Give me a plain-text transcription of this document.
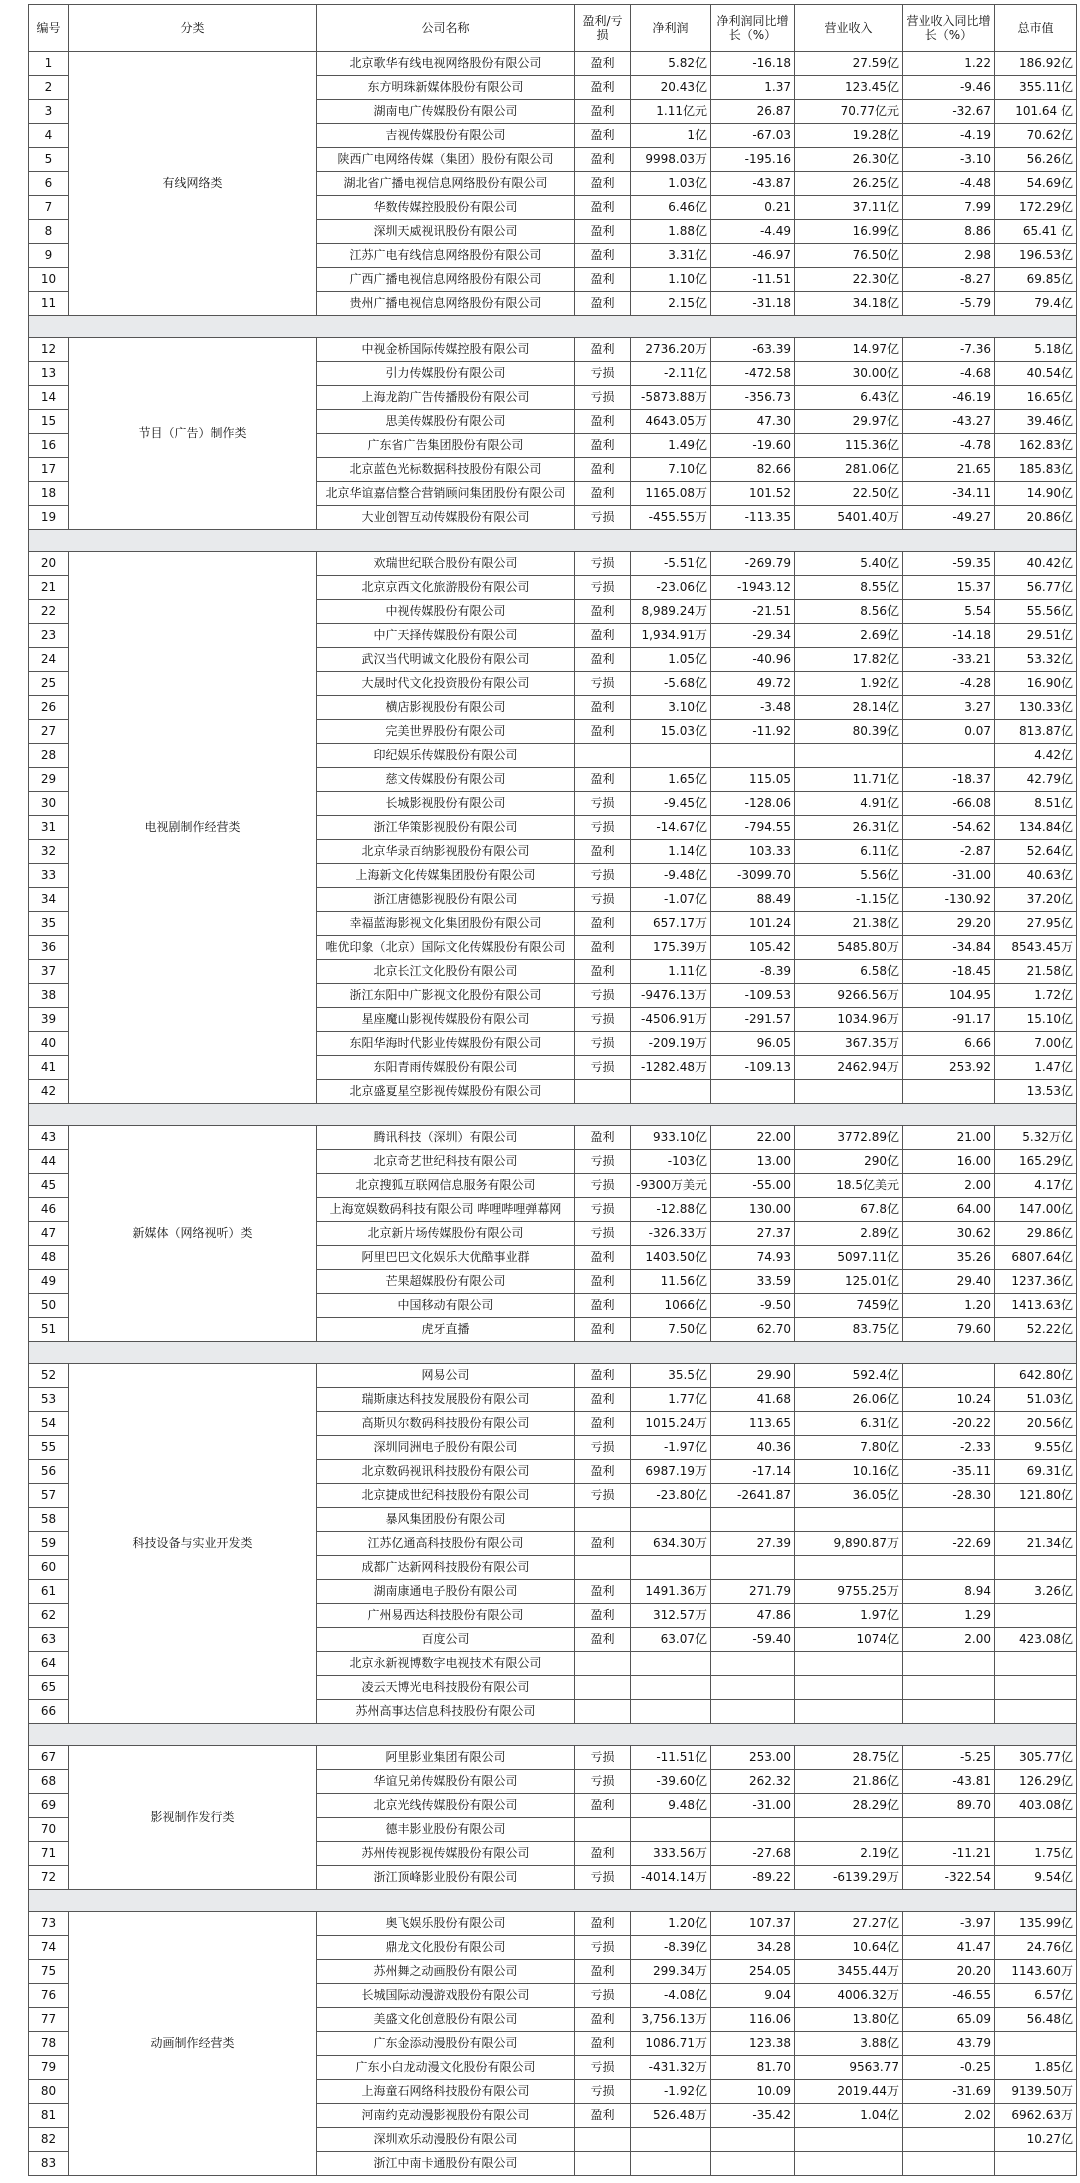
编号	分类	公司名称	盈利/亏损	净利润	净利润同比增长（%）	营业收入	营业收入同比增长（%）	总市值
1	有线网络类	北京歌华有线电视网络股份有限公司	盈利	5.82亿	-16.18	27.59亿	1.22	186.92亿
2		东方明珠新媒体股份有限公司	盈利	20.43亿	1.37	123.45亿	-9.46	355.11亿
3		湖南电广传媒股份有限公司	盈利	1.11亿元	26.87	70.77亿元	-32.67	101.64 亿
4		吉视传媒股份有限公司	盈利	1亿	-67.03	19.28亿	-4.19	70.62亿
5		陕西广电网络传媒（集团）股份有限公司	盈利	9998.03万	-195.16	26.30亿	-3.10	56.26亿
6		湖北省广播电视信息网络股份有限公司	盈利	1.03亿	-43.87	26.25亿	-4.48	54.69亿
7		华数传媒控股股份有限公司	盈利	6.46亿	0.21	37.11亿	7.99	172.29亿
8		深圳天威视讯股份有限公司	盈利	1.88亿	-4.49	16.99亿	8.86	65.41 亿
9		江苏广电有线信息网络股份有限公司	盈利	3.31亿	-46.97	76.50亿	2.98	196.53亿
10		广西广播电视信息网络股份有限公司	盈利	1.10亿	-11.51	22.30亿	-8.27	69.85亿
11		贵州广播电视信息网络股份有限公司	盈利	2.15亿	-31.18	34.18亿	-5.79	79.4亿

12	节目（广告）制作类	中视金桥国际传媒控股有限公司	盈利	2736.20万	-63.39	14.97亿	-7.36	5.18亿
13		引力传媒股份有限公司	亏损	-2.11亿	-472.58	30.00亿	-4.68	40.54亿
14		上海龙韵广告传播股份有限公司	亏损	-5873.88万	-356.73	6.43亿	-46.19	16.65亿
15		思美传媒股份有限公司	盈利	4643.05万	47.30	29.97亿	-43.27	39.46亿
16		广东省广告集团股份有限公司	盈利	1.49亿	-19.60	115.36亿	-4.78	162.83亿
17		北京蓝色光标数据科技股份有限公司	盈利	7.10亿	82.66	281.06亿	21.65	185.83亿
18		北京华谊嘉信整合营销顾问集团股份有限公司	盈利	1165.08万	101.52	22.50亿	-34.11	14.90亿
19		大业创智互动传媒股份有限公司	亏损	-455.55万	-113.35	5401.40万	-49.27	20.86亿

20	电视剧制作经营类	欢瑞世纪联合股份有限公司	亏损	-5.51亿	-269.79	5.40亿	-59.35	40.42亿
21		北京京西文化旅游股份有限公司	亏损	-23.06亿	-1943.12	8.55亿	15.37	56.77亿
22		中视传媒股份有限公司	盈利	8,989.24万	-21.51	8.56亿	5.54	55.56亿
23		中广天择传媒股份有限公司	盈利	1,934.91万	-29.34	2.69亿	-14.18	29.51亿
24		武汉当代明诚文化股份有限公司	盈利	1.05亿	-40.96	17.82亿	-33.21	53.32亿
25		大晟时代文化投资股份有限公司	亏损	-5.68亿	49.72	1.92亿	-4.28	16.90亿
26		横店影视股份有限公司	盈利	3.10亿	-3.48	28.14亿	3.27	130.33亿
27		完美世界股份有限公司	盈利	15.03亿	-11.92	80.39亿	0.07	813.87亿
28		印纪娱乐传媒股份有限公司						4.42亿
29		慈文传媒股份有限公司	盈利	1.65亿	115.05	11.71亿	-18.37	42.79亿
30		长城影视股份有限公司	亏损	-9.45亿	-128.06	4.91亿	-66.08	8.51亿
31		浙江华策影视股份有限公司	亏损	-14.67亿	-794.55	26.31亿	-54.62	134.84亿
32		北京华录百纳影视股份有限公司	盈利	1.14亿	103.33	6.11亿	-2.87	52.64亿
33		上海新文化传媒集团股份有限公司	亏损	-9.48亿	-3099.70	5.56亿	-31.00	40.63亿
34		浙江唐德影视股份有限公司	亏损	-1.07亿	88.49	-1.15亿	-130.92	37.20亿
35		幸福蓝海影视文化集团股份有限公司	盈利	657.17万	101.24	21.38亿	29.20	27.95亿
36		唯优印象（北京）国际文化传媒股份有限公司	盈利	175.39万	105.42	5485.80万	-34.84	8543.45万
37		北京长江文化股份有限公司	盈利	1.11亿	-8.39	6.58亿	-18.45	21.58亿
38		浙江东阳中广影视文化股份有限公司	亏损	-9476.13万	-109.53	9266.56万	104.95	1.72亿
39		星座魔山影视传媒股份有限公司	亏损	-4506.91万	-291.57	1034.96万	-91.17	15.10亿
40		东阳华海时代影业传媒股份有限公司	亏损	-209.19万	96.05	367.35万	6.66	7.00亿
41		东阳青雨传媒股份有限公司	亏损	-1282.48万	-109.13	2462.94万	253.92	1.47亿
42		北京盛夏星空影视传媒股份有限公司						13.53亿

43	新媒体（网络视听）类	腾讯科技（深圳）有限公司	盈利	933.10亿	22.00	3772.89亿	21.00	5.32万亿
44		北京奇艺世纪科技有限公司	亏损	-103亿	13.00	290亿	16.00	165.29亿
45		北京搜狐互联网信息服务有限公司	亏损	-9300万美元	-55.00	18.5亿美元	2.00	4.17亿
46		上海宽娱数码科技有限公司 哔哩哔哩弹幕网	亏损	-12.88亿	130.00	67.8亿	64.00	147.00亿
47		北京新片场传媒股份有限公司	亏损	-326.33万	27.37	2.89亿	30.62	29.86亿
48		阿里巴巴文化娱乐大优酷事业群	盈利	1403.50亿	74.93	5097.11亿	35.26	6807.64亿
49		芒果超媒股份有限公司	盈利	11.56亿	33.59	125.01亿	29.40	1237.36亿
50		中国移动有限公司	盈利	1066亿	-9.50	7459亿	1.20	1413.63亿
51		虎牙直播	盈利	7.50亿	62.70	83.75亿	79.60	52.22亿

52	科技设备与实业开发类	网易公司	盈利	35.5亿	29.90	592.4亿		642.80亿
53		瑞斯康达科技发展股份有限公司	盈利	1.77亿	41.68	26.06亿	10.24	51.03亿
54		高斯贝尔数码科技股份有限公司	盈利	1015.24万	113.65	6.31亿	-20.22	20.56亿
55		深圳同洲电子股份有限公司	亏损	-1.97亿	40.36	7.80亿	-2.33	9.55亿
56		北京数码视讯科技股份有限公司	盈利	6987.19万	-17.14	10.16亿	-35.11	69.31亿
57		北京捷成世纪科技股份有限公司	亏损	-23.80亿	-2641.87	36.05亿	-28.30	121.80亿
58		暴风集团股份有限公司						
59		江苏亿通高科技股份有限公司	盈利	634.30万	27.39	9,890.87万	-22.69	21.34亿
60		成都广达新网科技股份有限公司						
61		湖南康通电子股份有限公司	盈利	1491.36万	271.79	9755.25万	8.94	3.26亿
62		广州易西达科技股份有限公司	盈利	312.57万	47.86	1.97亿	1.29	
63		百度公司	盈利	63.07亿	-59.40	1074亿	2.00	423.08亿
64		北京永新视博数字电视技术有限公司						
65		凌云天博光电科技股份有限公司						
66		苏州高事达信息科技股份有限公司						

67	影视制作发行类	阿里影业集团有限公司	亏损	-11.51亿	253.00	28.75亿	-5.25	305.77亿
68		华谊兄弟传媒股份有限公司	亏损	-39.60亿	262.32	21.86亿	-43.81	126.29亿
69		北京光线传媒股份有限公司	盈利	9.48亿	-31.00	28.29亿	89.70	403.08亿
70		德丰影业股份有限公司						
71		苏州传视影视传媒股份有限公司	盈利	333.56万	-27.68	2.19亿	-11.21	1.75亿
72		浙江顶峰影业股份有限公司	亏损	-4014.14万	-89.22	-6139.29万	-322.54	9.54亿

73	动画制作经营类	奥飞娱乐股份有限公司	盈利	1.20亿	107.37	27.27亿	-3.97	135.99亿
74		鼎龙文化股份有限公司	亏损	-8.39亿	34.28	10.64亿	41.47	24.76亿
75		苏州舞之动画股份有限公司	盈利	299.34万	254.05	3455.44万	20.20	1143.60万
76		长城国际动漫游戏股份有限公司	亏损	-4.08亿	9.04	4006.32万	-46.55	6.57亿
77		美盛文化创意股份有限公司	盈利	3,756.13万	116.06	13.80亿	65.09	56.48亿
78		广东金添动漫股份有限公司	盈利	1086.71万	123.38	3.88亿	43.79	
79		广东小白龙动漫文化股份有限公司	亏损	-431.32万	81.70	9563.77	-0.25	1.85亿
80		上海童石网络科技股份有限公司	亏损	-1.92亿	10.09	2019.44万	-31.69	9139.50万
81		河南约克动漫影视股份有限公司	盈利	526.48万	-35.42	1.04亿	2.02	6962.63万
82		深圳欢乐动漫股份有限公司						10.27亿
83		浙江中南卡通股份有限公司						
